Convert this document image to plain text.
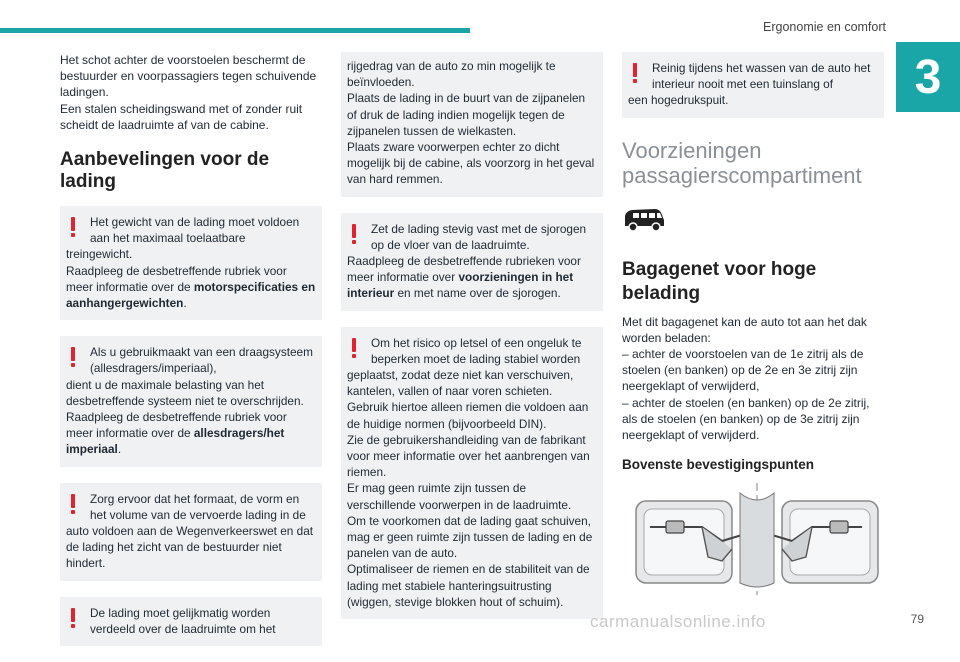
Ergonomie en comfort
3

Het schot achter de voorstoelen beschermt de bestuurder en voorpassagiers tegen schuivende ladingen.

Een stalen scheidingswand met of zonder ruit scheidt de laadruimte af van de cabine.

Aanbevelingen voor de lading

Het gewicht van de lading moet voldoen aan het maximaal toelaatbare

treingewicht.

Raadpleeg de desbetreffende rubriek voor meer informatie over de motorspecificaties en aanhangergewichten.

Als u gebruikmaakt van een draagsysteem (allesdragers/imperiaal),

dient u de maximale belasting van het desbetreffende systeem niet te overschrijden.

Raadpleeg de desbetreffende rubriek voor meer informatie over de allesdragers/het imperiaal.

Zorg ervoor dat het formaat, de vorm en het volume van de vervoerde lading in de

auto voldoen aan de Wegenverkeerswet en dat de lading het zicht van de bestuurder niet hindert.

De lading moet gelijkmatig worden verdeeld over de laadruimte om het

rijgedrag van de auto zo min mogelijk te beïnvloeden.

Plaats de lading in de buurt van de zijpanelen of druk de lading indien mogelijk tegen de zijpanelen tussen de wielkasten.

Plaats zware voorwerpen echter zo dicht mogelijk bij de cabine, als voorzorg in het geval van hard remmen.

Zet de lading stevig vast met de sjorogen op de vloer van de laadruimte.

Raadpleeg de desbetreffende rubrieken voor meer informatie over voorzieningen in het interieur en met name over de sjorogen.

Om het risico op letsel of een ongeluk te beperken moet de lading stabiel worden

geplaatst, zodat deze niet kan verschuiven, kantelen, vallen of naar voren schieten.

Gebruik hiertoe alleen riemen die voldoen aan de huidige normen (bijvoorbeeld DIN).

Zie de gebruikershandleiding van de fabrikant voor meer informatie over het aanbrengen van riemen.

Er mag geen ruimte zijn tussen de verschillende voorwerpen in de laadruimte.

Om te voorkomen dat de lading gaat schuiven, mag er geen ruimte zijn tussen de lading en de panelen van de auto.

Optimaliseer de riemen en de stabiliteit van de lading met stabiele hanteringsuitrusting (wiggen, stevige blokken hout of schuim).

Reinig tijdens het wassen van de auto het interieur nooit met een tuinslang of

een hogedrukspuit.

Voorzieningen passagierscompartiment

Bagagenet voor hoge belading

Met dit bagagenet kan de auto tot aan het dak worden beladen:

– achter de voorstoelen van de 1e zitrij als de stoelen (en banken) op de 2e en 3e zitrij zijn neergeklapt of verwijderd,

– achter de stoelen (en banken) op de 2e zitrij, als de stoelen (en banken) op de 3e zitrij zijn neergeklapt of verwijderd.

Bovenste bevestigingspunten
carmanualsonline.info	79
